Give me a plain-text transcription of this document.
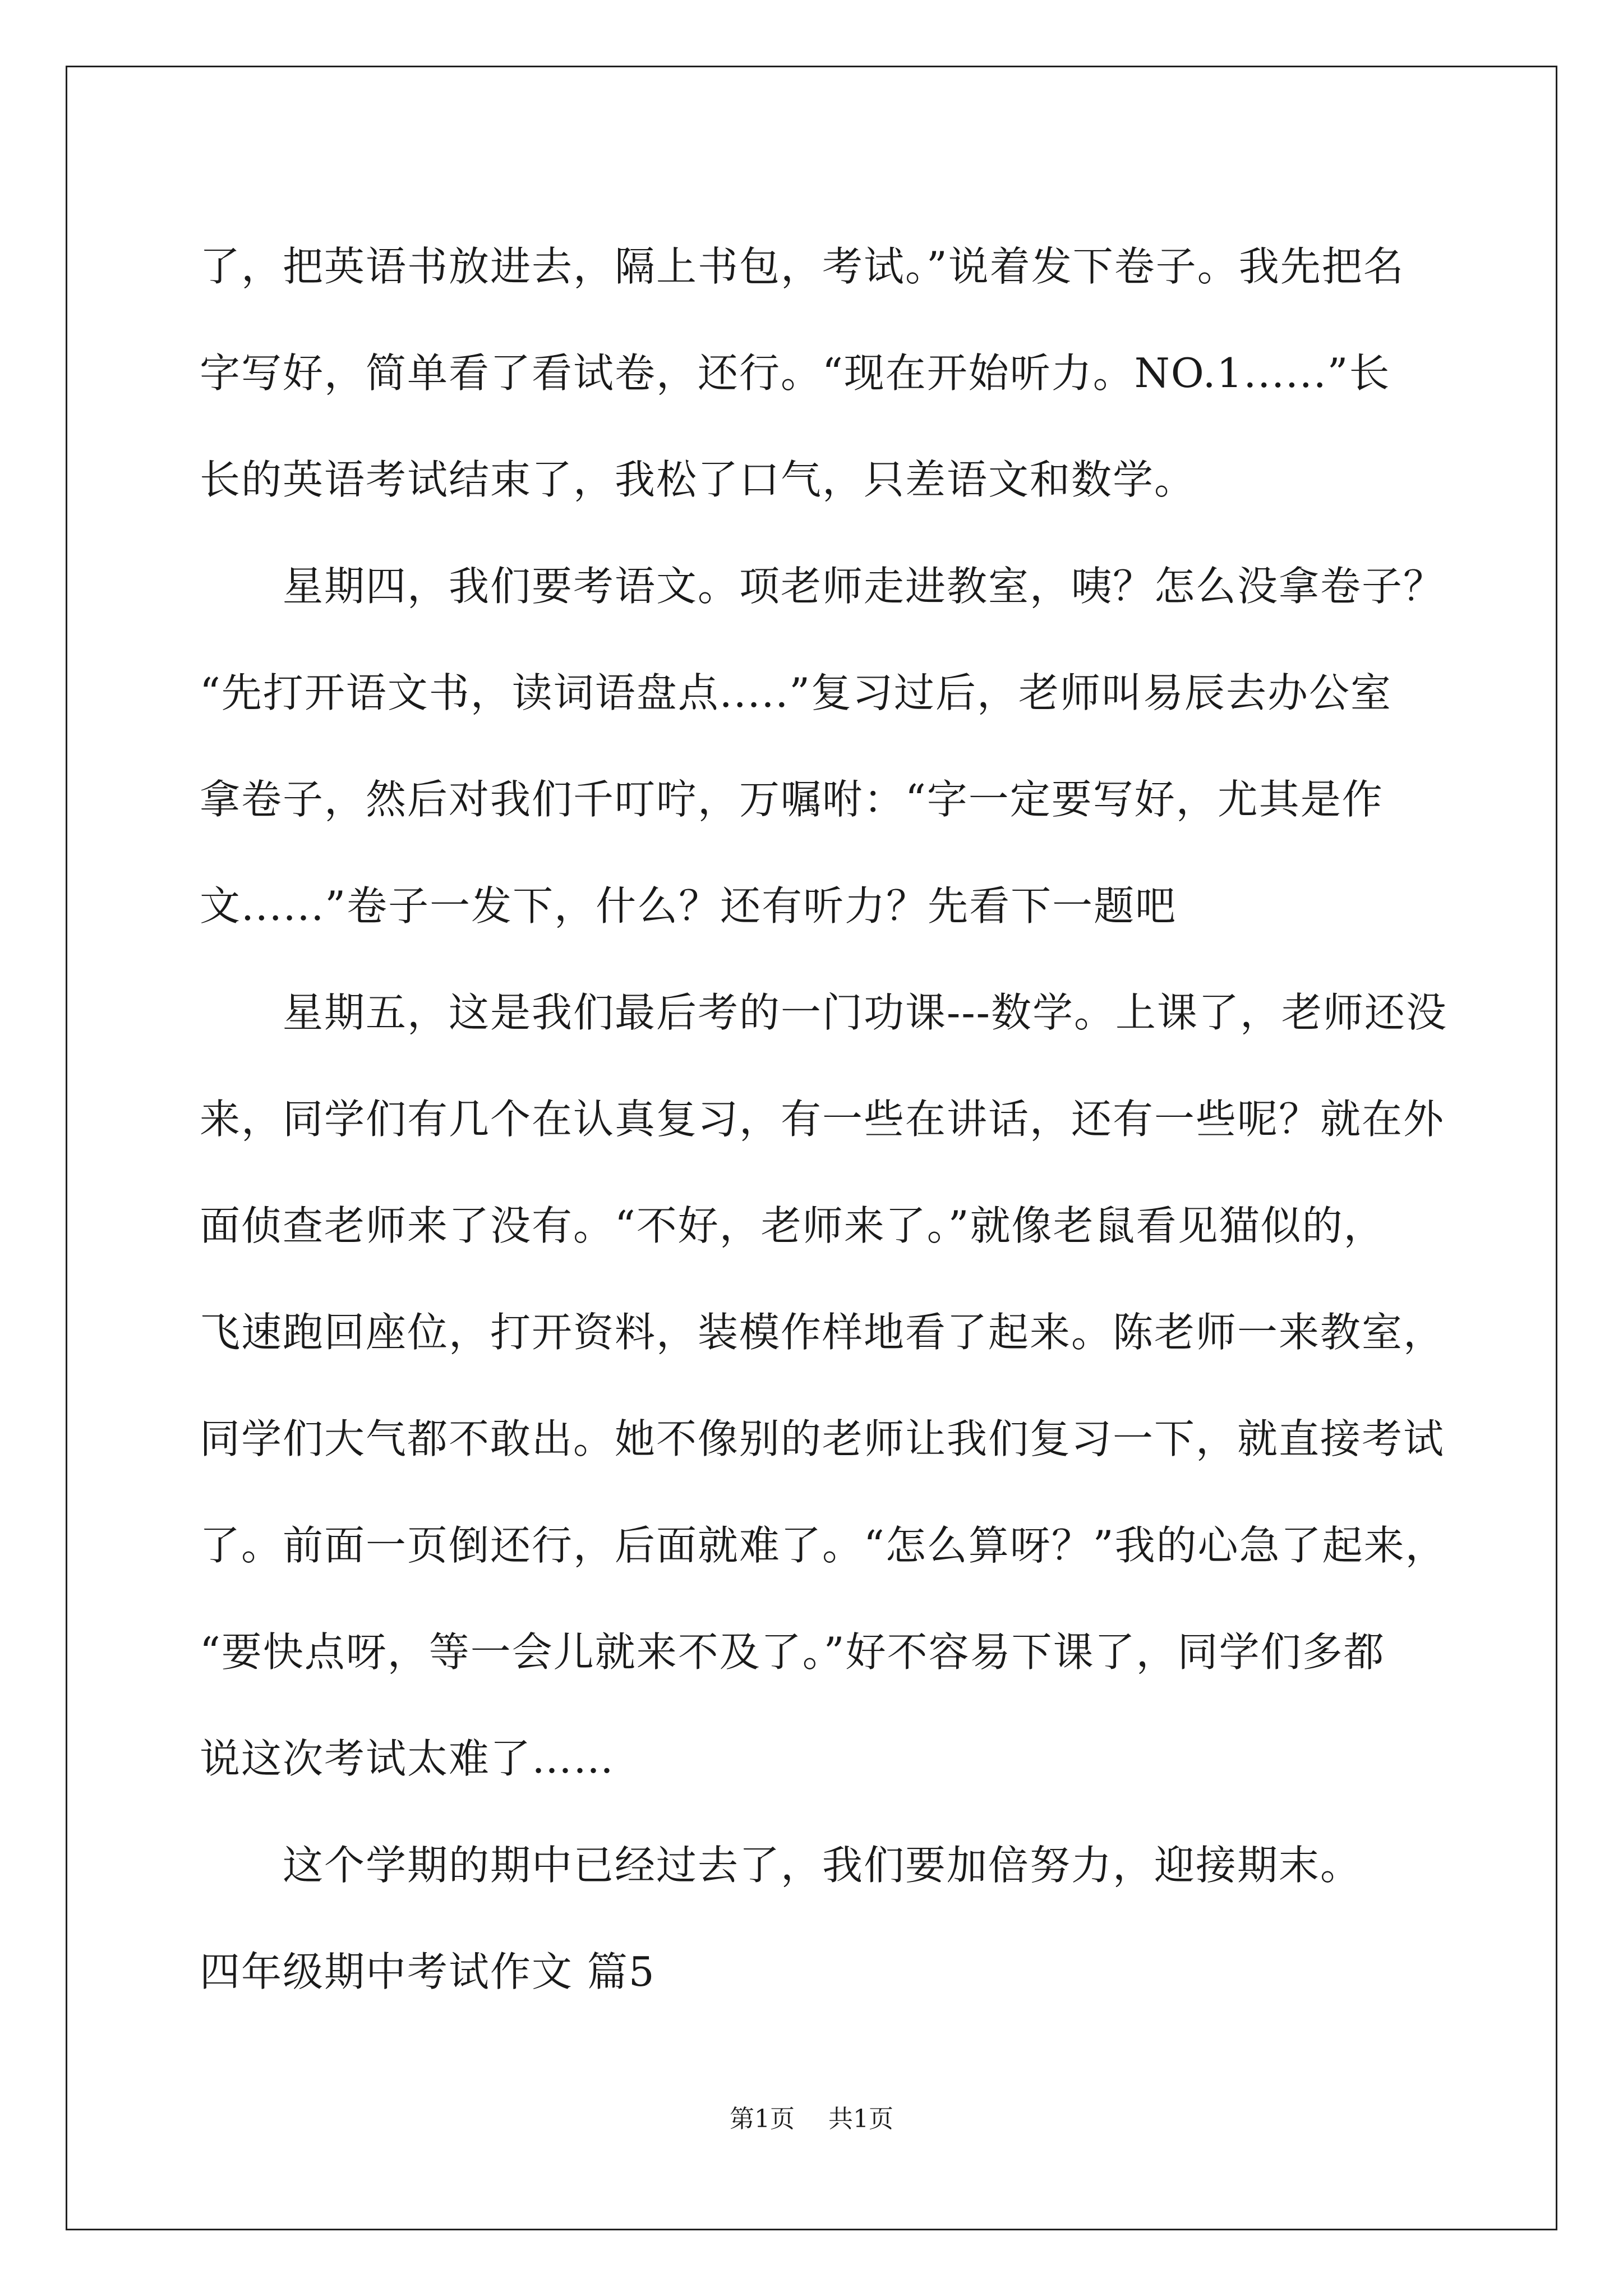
了，把英语书放进去，隔上书包，考试。”说着发下卷子。我先把名
字写好，简单看了看试卷，还行。“现在开始听力。NO.1......”长
长的英语考试结束了，我松了口气，只差语文和数学。
星期四，我们要考语文。项老师走进教室，咦？怎么没拿卷子？
“先打开语文书，读词语盘点.....”复习过后，老师叫易辰去办公室
拿卷子，然后对我们千叮咛，万嘱咐：“字一定要写好，尤其是作
文......”卷子一发下，什么？还有听力？先看下一题吧
星期五，这是我们最后考的一门功课---数学。上课了，老师还没
来，同学们有几个在认真复习，有一些在讲话，还有一些呢？就在外
面侦查老师来了没有。“不好，老师来了。”就像老鼠看见猫似的，
飞速跑回座位，打开资料，装模作样地看了起来。陈老师一来教室，
同学们大气都不敢出。她不像别的老师让我们复习一下，就直接考试
了。前面一页倒还行，后面就难了。“怎么算呀？”我的心急了起来，
“要快点呀，等一会儿就来不及了。”好不容易下课了，同学们多都
说这次考试太难了……
这个学期的期中已经过去了，我们要加倍努力，迎接期末。
四年级期中考试作文 篇5
第1页 共1页
